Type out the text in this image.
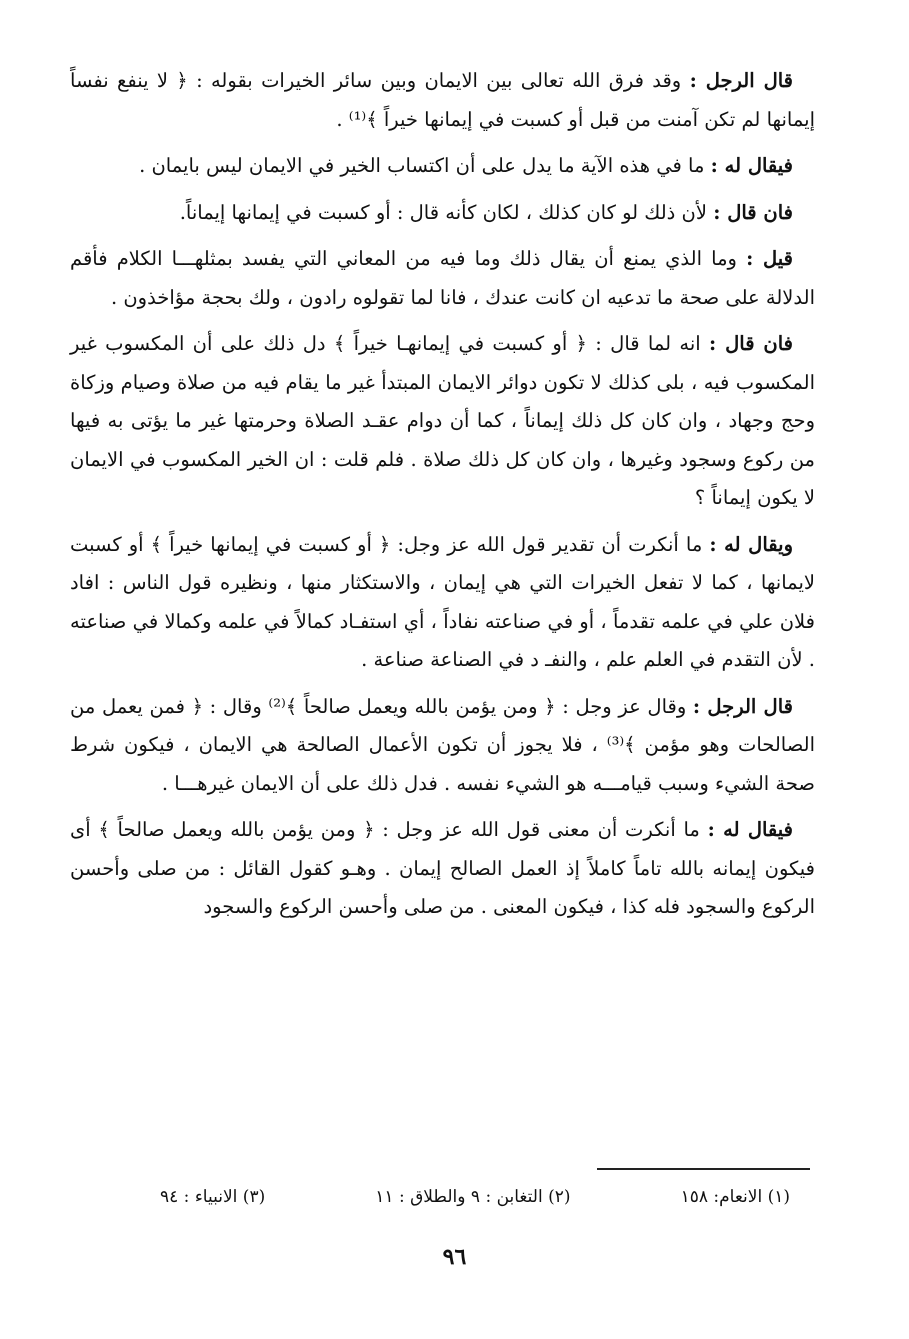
قال الرجل : وقد فرق الله تعالى بين الايمان وبين سائر الخيرات بقوله : ﴿ لا ينفع نفساً إيمانها لم تكن آمنت من قبل أو كسبت في إيمانها خيراً ﴾⁽¹⁾ .

فيقال له : ما في هذه الآية ما يدل على أن اكتساب الخير في الايمان ليس بايمان .

فان قال : لأن ذلك لو كان كذلك ، لكان كأنه قال : أو كسبت في إيمانها إيماناً.

قيل : وما الذي يمنع أن يقال ذلك وما فيه من المعاني التي يفسد بمثلهـــا الكلام فأقم الدلالة على صحة ما تدعيه ان كانت عندك ، فانا لما تقولوه رادون ، ولك بحجة مؤاخذون .

فان قال : انه لما قال : ﴿ أو كسبت في إيمانهـا خيراً ﴾ دل ذلك على أن المكسوب غير المكسوب فيه ، بلى كذلك لا تكون دوائر الايمان المبتدأ غير ما يقام فيه من صلاة وصيام وزكاة وحج وجهاد ، وان كان كل ذلك إيماناً ، كما أن دوام عقـد الصلاة وحرمتها غير ما يؤتى به فيها من ركوع وسجود وغيرها ، وان كان كل ذلك صلاة . فلم قلت : ان الخير المكسوب في الايمان لا يكون إيماناً ؟

ويقال له : ما أنكرت أن تقدير قول الله عز وجل: ﴿ أو كسبت في إيمانها خيراً ﴾ أو كسبت لايمانها ، كما لا تفعل الخيرات التي هي إيمان ، والاستكثار منها ، ونظيره قول الناس : افاد فلان علي في علمه تقدماً ، أو في صناعته نفاداً ، أي استفـاد كمالاً في علمه وكمالا في صناعته . لأن التقدم في العلم علم ، والنفـ د في الصناعة صناعة .

قال الرجل : وقال عز وجل : ﴿ ومن يؤمن بالله ويعمل صالحاً ﴾⁽²⁾ وقال : ﴿ فمن يعمل من الصالحات وهو مؤمن ﴾⁽³⁾ ، فلا يجوز أن تكون الأعمال الصالحة هي الايمان ، فيكون شرط صحة الشيء وسبب قيامـــه هو الشيء نفسه . فدل ذلك على أن الايمان غيرهـــا .

فيقال له : ما أنكرت أن معنى قول الله عز وجل : ﴿ ومن يؤمن بالله ويعمل صالحاً ﴾ أى فيكون إيمانه بالله تاماً كاملاً إذ العمل الصالح إيمان . وهـو كقول القائل : من صلى وأحسن الركوع والسجود فله كذا ، فيكون المعنى . من صلى وأحسن الركوع والسجود

(١) الانعام: ١٥٨
(٢) التغابن : ٩ والطلاق : ١١
(٣) الانبياء : ٩٤
٩٦
